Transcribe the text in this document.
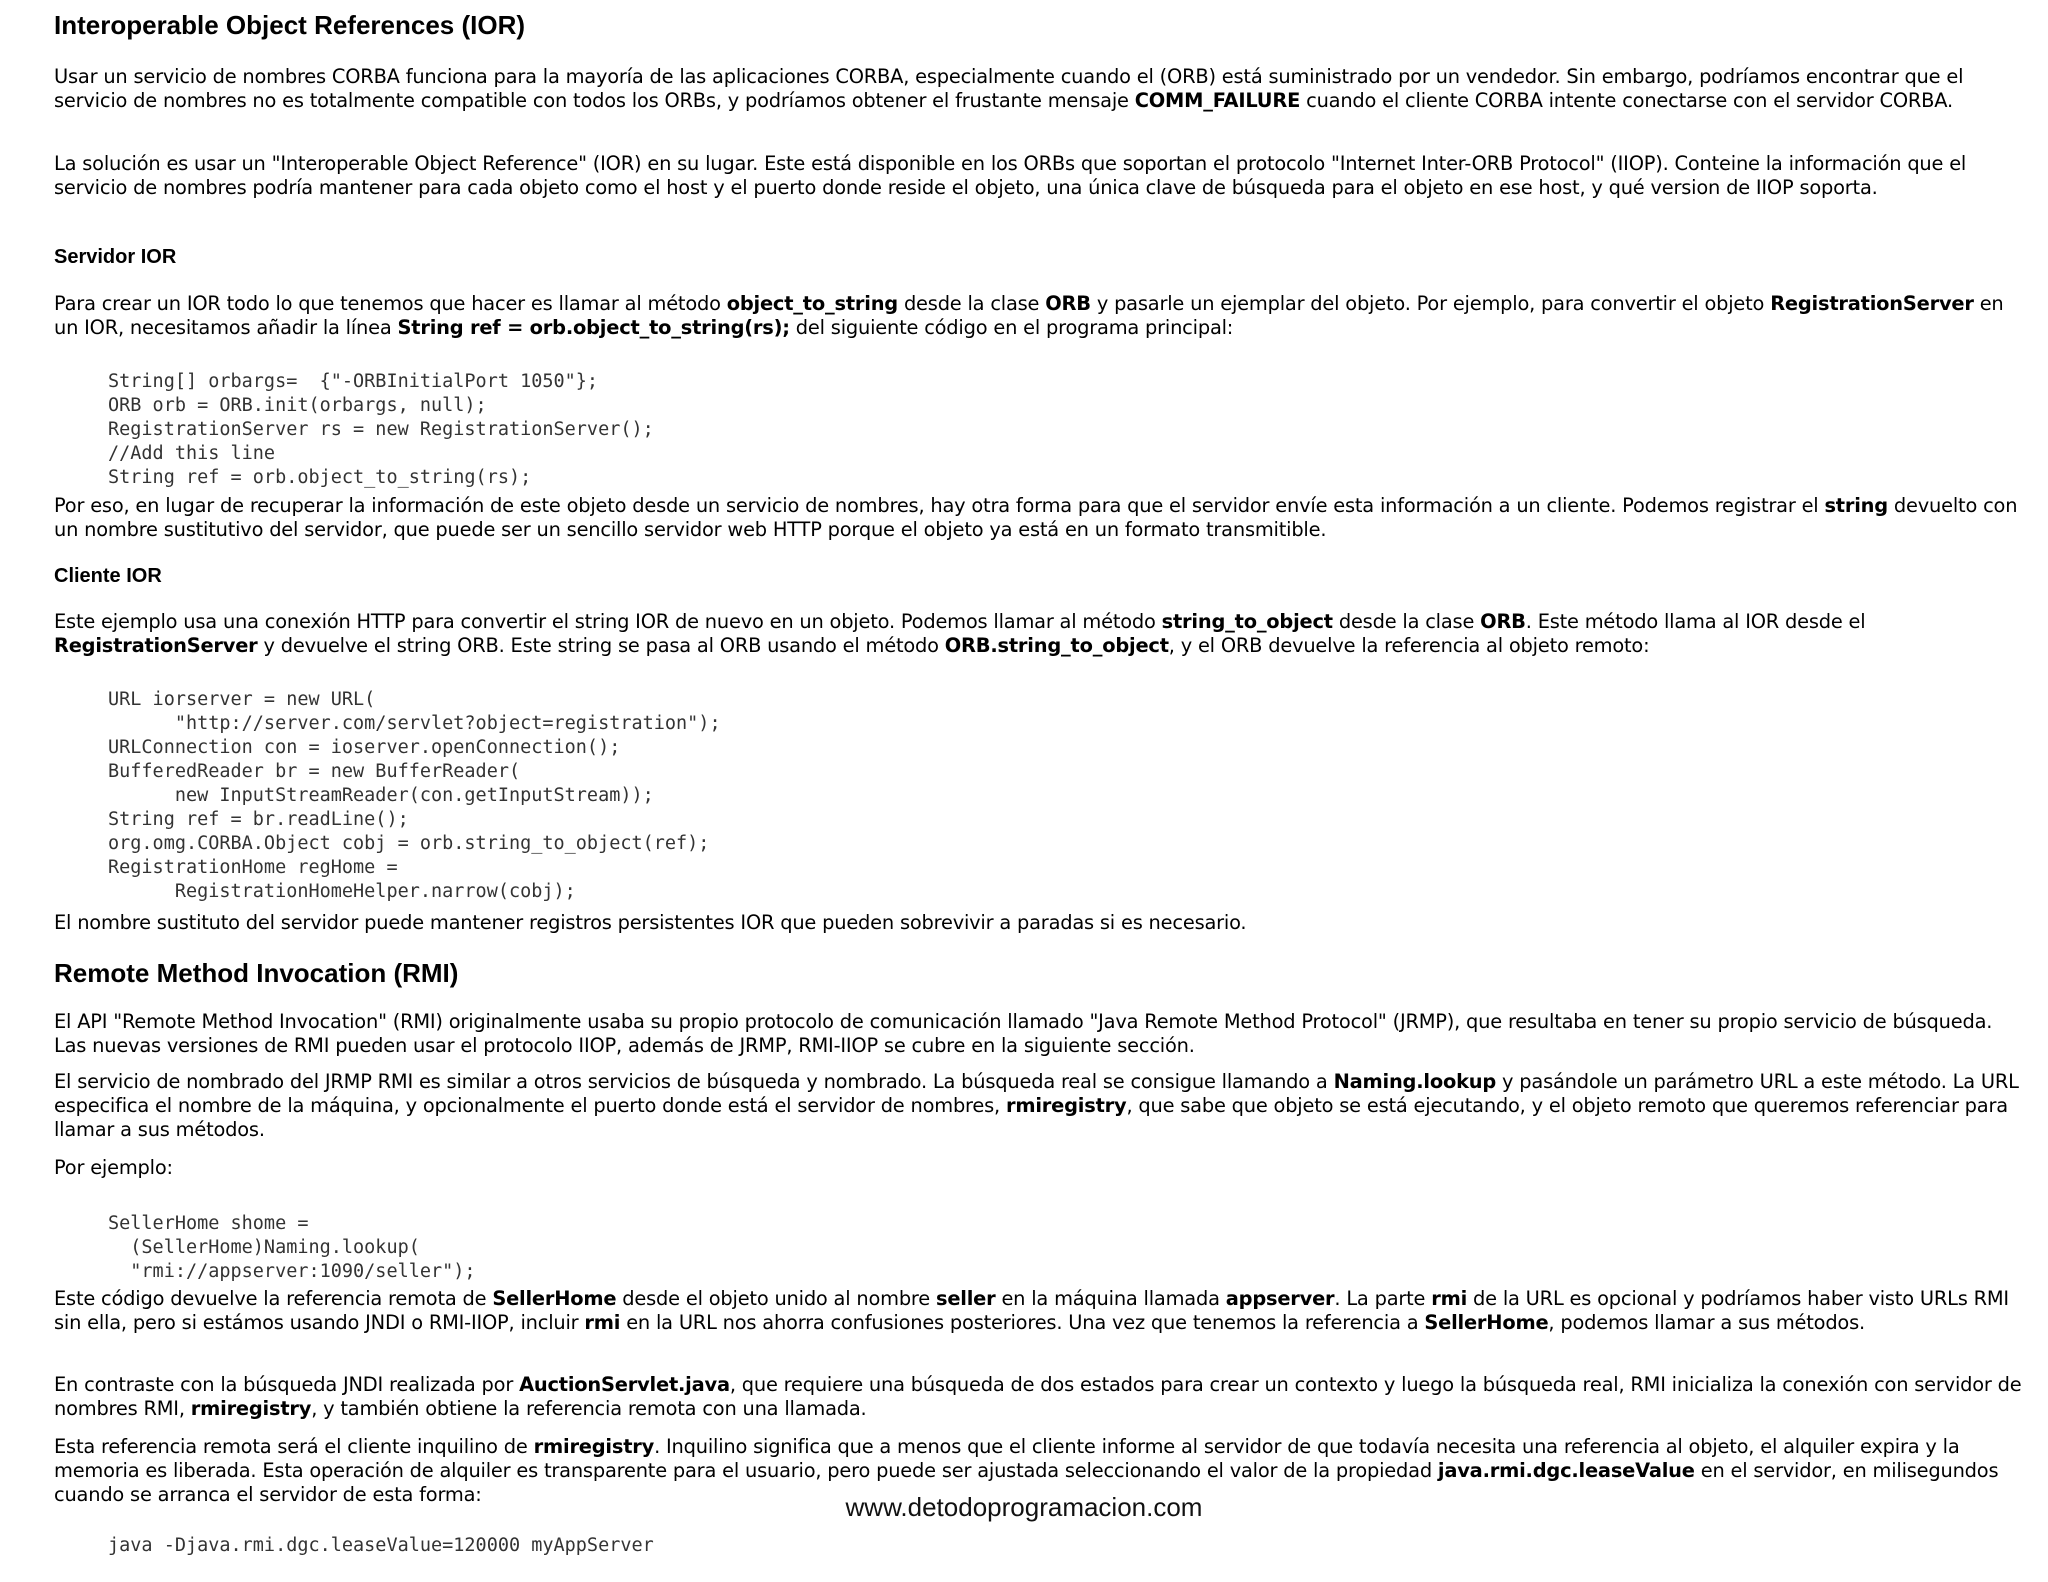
Interoperable Object References (IOR)

Usar un servicio de nombres CORBA funciona para la mayoría de las aplicaciones CORBA, especialmente cuando el (ORB) está suministrado por un vendedor. Sin embargo, podríamos encontrar que el servicio de nombres no es totalmente compatible con todos los ORBs, y podríamos obtener el frustante mensaje COMM_FAILURE cuando el cliente CORBA intente conectarse con el servidor CORBA.

La solución es usar un "Interoperable Object Reference" (IOR) en su lugar. Este está disponible en los ORBs que soportan el protocolo "Internet Inter-ORB Protocol" (IIOP). Conteine la información que el servicio de nombres podría mantener para cada objeto como el host y el puerto donde reside el objeto, una única clave de búsqueda para el objeto en ese host, y qué version de IIOP soporta.

Servidor IOR

Para crear un IOR todo lo que tenemos que hacer es llamar al método object_to_string desde la clase ORB y pasarle un ejemplar del objeto. Por ejemplo, para convertir el objeto RegistrationServer en un IOR, necesitamos añadir la línea String ref = orb.object_to_string(rs); del siguiente código en el programa principal:

String[] orbargs=  {"-ORBInitialPort 1050"};
ORB orb = ORB.init(orbargs, null);
RegistrationServer rs = new RegistrationServer();
//Add this line
String ref = orb.object_to_string(rs);

Por eso, en lugar de recuperar la información de este objeto desde un servicio de nombres, hay otra forma para que el servidor envíe esta información a un cliente. Podemos registrar el string devuelto con un nombre sustitutivo del servidor, que puede ser un sencillo servidor web HTTP porque el objeto ya está en un formato transmitible.

Cliente IOR

Este ejemplo usa una conexión HTTP para convertir el string IOR de nuevo en un objeto. Podemos llamar al método string_to_object desde la clase ORB. Este método llama al IOR desde el RegistrationServer y devuelve el string ORB. Este string se pasa al ORB usando el método ORB.string_to_object, y el ORB devuelve la referencia al objeto remoto:

URL iorserver = new URL(
"http://server.com/servlet?object=registration");
URLConnection con = ioserver.openConnection();
BufferedReader br = new BufferReader(
new InputStreamReader(con.getInputStream));
String ref = br.readLine();
org.omg.CORBA.Object cobj = orb.string_to_object(ref);
RegistrationHome regHome =
RegistrationHomeHelper.narrow(cobj);

El nombre sustituto del servidor puede mantener registros persistentes IOR que pueden sobrevivir a paradas si es necesario.

Remote Method Invocation (RMI)

El API "Remote Method Invocation" (RMI) originalmente usaba su propio protocolo de comunicación llamado "Java Remote Method Protocol" (JRMP), que resultaba en tener su propio servicio de búsqueda. Las nuevas versiones de RMI pueden usar el protocolo IIOP, además de JRMP, RMI-IIOP se cubre en la siguiente sección.

El servicio de nombrado del JRMP RMI es similar a otros servicios de búsqueda y nombrado. La búsqueda real se consigue llamando a Naming.lookup y pasándole un parámetro URL a este método. La URL especifica el nombre de la máquina, y opcionalmente el puerto donde está el servidor de nombres, rmiregistry, que sabe que objeto se está ejecutando, y el objeto remoto que queremos referenciar para llamar a sus métodos.

Por ejemplo:

SellerHome shome =
(SellerHome)Naming.lookup(
"rmi://appserver:1090/seller");

Este código devuelve la referencia remota de SellerHome desde el objeto unido al nombre seller en la máquina llamada appserver. La parte rmi de la URL es opcional y podríamos haber visto URLs RMI sin ella, pero si estámos usando JNDI o RMI-IIOP, incluir rmi en la URL nos ahorra confusiones posteriores. Una vez que tenemos la referencia a SellerHome, podemos llamar a sus métodos.

En contraste con la búsqueda JNDI realizada por AuctionServlet.java, que requiere una búsqueda de dos estados para crear un contexto y luego la búsqueda real, RMI inicializa la conexión con servidor de nombres RMI, rmiregistry, y también obtiene la referencia remota con una llamada.

Esta referencia remota será el cliente inquilino de rmiregistry. Inquilino significa que a menos que el cliente informe al servidor de que todavía necesita una referencia al objeto, el alquiler expira y la memoria es liberada. Esta operación de alquiler es transparente para el usuario, pero puede ser ajustada seleccionando el valor de la propiedad java.rmi.dgc.leaseValue en el servidor, en milisegundos cuando se arranca el servidor de esta forma:	www.detodoprogramacion.com
java -Djava.rmi.dgc.leaseValue=120000 myAppServer
